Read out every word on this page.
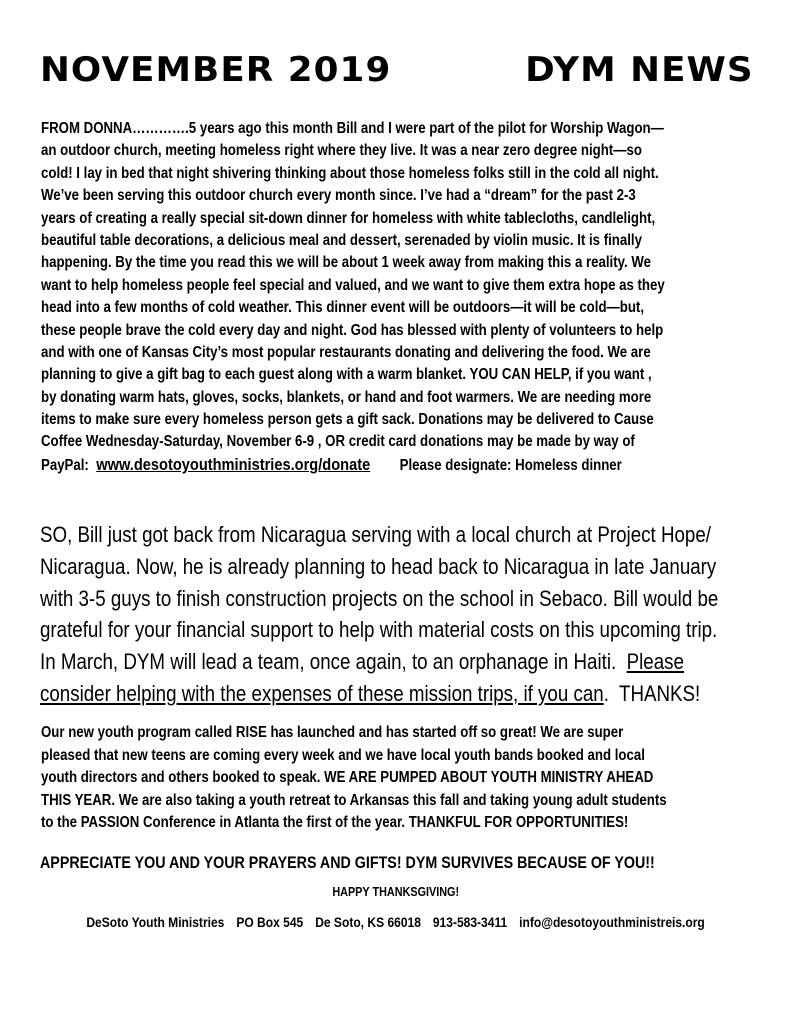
NOVEMBER 2019	DYM NEWS
FROM DONNA………….5 years ago this month Bill and I were part of the pilot for Worship Wagon—
an outdoor church, meeting homeless right where they live. It was a near zero degree night—so
cold! I lay in bed that night shivering thinking about those homeless folks still in the cold all night.
We’ve been serving this outdoor church every month since. I’ve had a “dream” for the past 2-3
years of creating a really special sit-down dinner for homeless with white tablecloths, candlelight,
beautiful table decorations, a delicious meal and dessert, serenaded by violin music. It is finally
happening. By the time you read this we will be about 1 week away from making this a reality. We
want to help homeless people feel special and valued, and we want to give them extra hope as they
head into a few months of cold weather. This dinner event will be outdoors—it will be cold—but,
these people brave the cold every day and night. God has blessed with plenty of volunteers to help
and with one of Kansas City’s most popular restaurants donating and delivering the food. We are
planning to give a gift bag to each guest along with a warm blanket. YOU CAN HELP, if you want ,
by donating warm hats, gloves, socks, blankets, or hand and foot warmers. We are needing more
items to make sure every homeless person gets a gift sack. Donations may be delivered to Cause
Coffee Wednesday-Saturday, November 6-9 , OR credit card donations may be made by way of
PayPal: www.desotoyouthministries.org/donate Please designate: Homeless dinner
SO, Bill just got back from Nicaragua serving with a local church at Project Hope/
Nicaragua. Now, he is already planning to head back to Nicaragua in late January
with 3-5 guys to finish construction projects on the school in Sebaco. Bill would be
grateful for your financial support to help with material costs on this upcoming trip.
In March, DYM will lead a team, once again, to an orphanage in Haiti.  Please
consider helping with the expenses of these mission trips, if you can.  THANKS!
Our new youth program called RISE has launched and has started off so great! We are super
pleased that new teens are coming every week and we have local youth bands booked and local
youth directors and others booked to speak. WE ARE PUMPED ABOUT YOUTH MINISTRY AHEAD
THIS YEAR. We are also taking a youth retreat to Arkansas this fall and taking young adult students
to the PASSION Conference in Atlanta the first of the year. THANKFUL FOR OPPORTUNITIES!
APPRECIATE YOU AND YOUR PRAYERS AND GIFTS! DYM SURVIVES BECAUSE OF YOU!!
HAPPY THANKSGIVING!
DeSoto Youth Ministries PO Box 545 De Soto, KS 66018 913-583-3411 info@desotoyouthministreis.org
